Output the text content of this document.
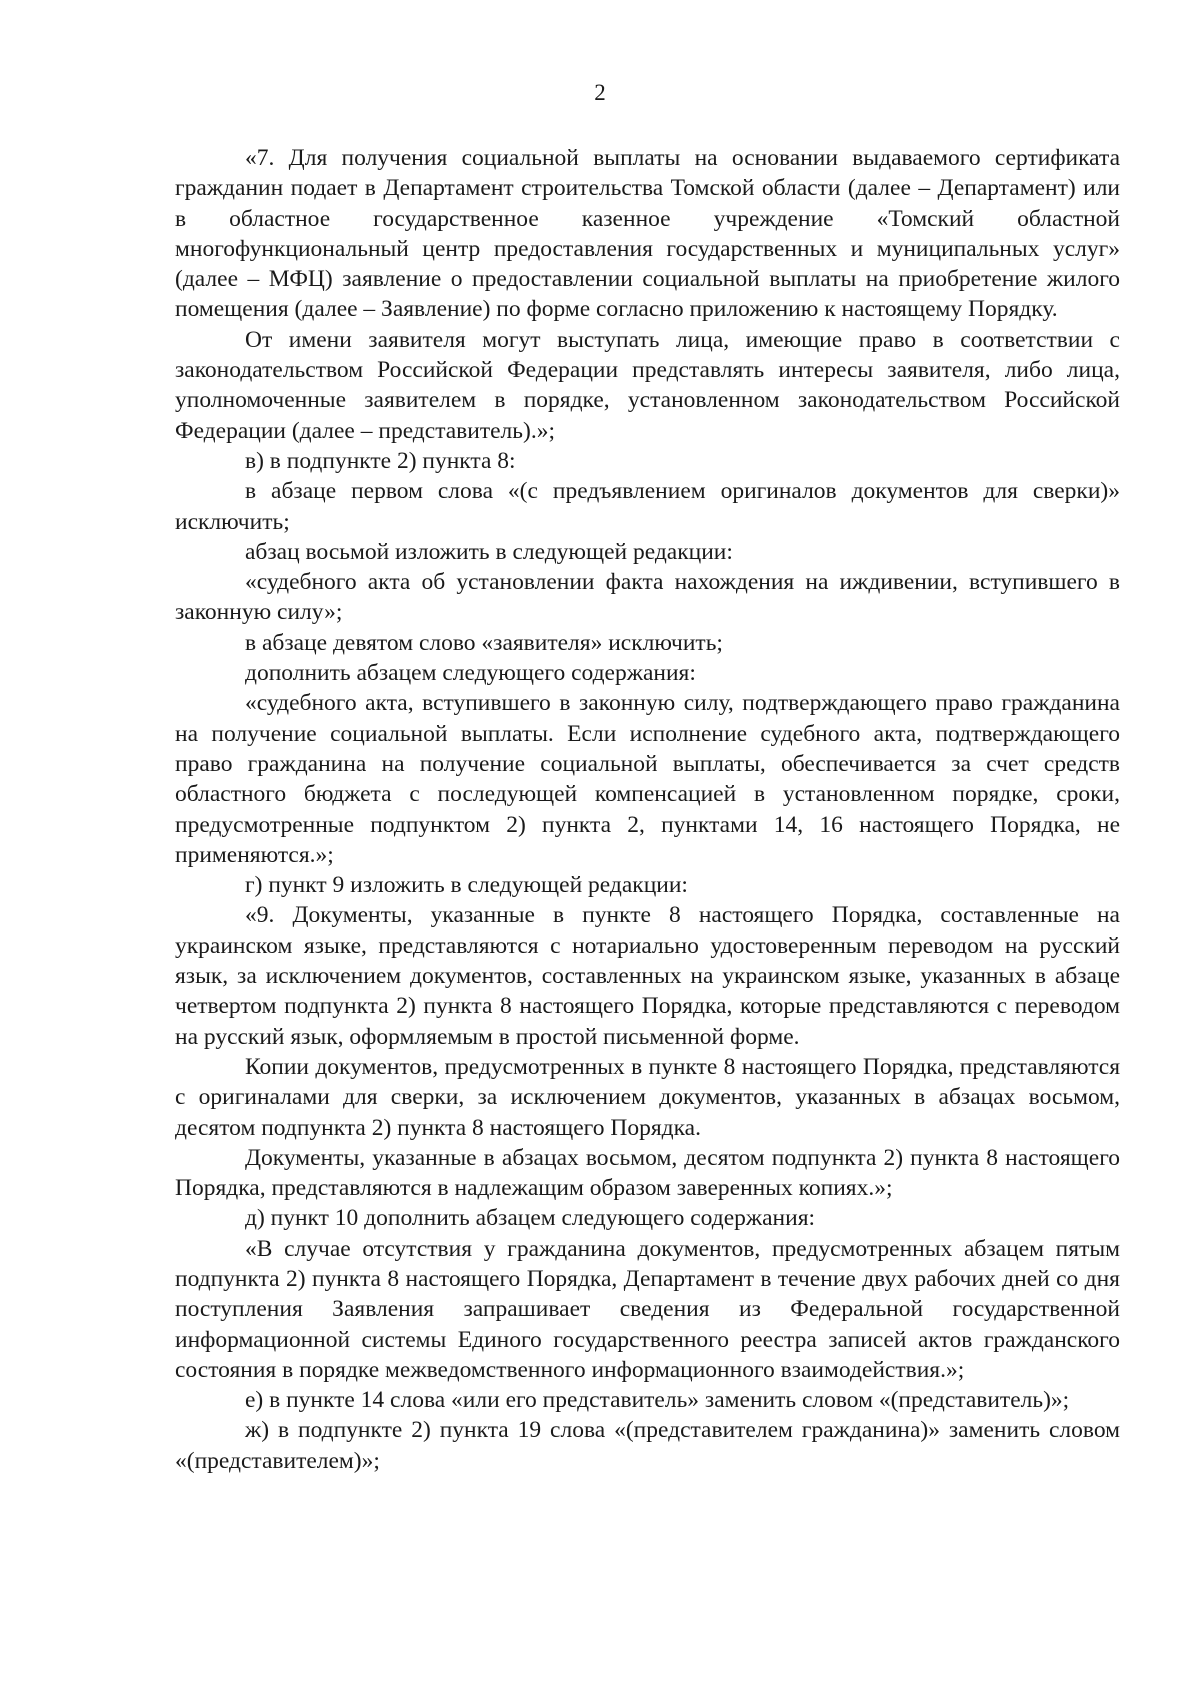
2

«7. Для получения социальной выплаты на основании выдаваемого сертификата гражданин подает в Департамент строительства Томской области (далее – Департамент) или в областное государственное казенное учреждение «Томский областной многофункциональный центр предоставления государственных и муниципальных услуг» (далее – МФЦ) заявление о предоставлении социальной выплаты на приобретение жилого помещения (далее – Заявление) по форме согласно приложению к настоящему Порядку.

От имени заявителя могут выступать лица, имеющие право в соответствии с законодательством Российской Федерации представлять интересы заявителя, либо лица, уполномоченные заявителем в порядке, установленном законодательством Российской Федерации (далее – представитель).»;

в) в подпункте 2) пункта 8:

в абзаце первом слова «(с предъявлением оригиналов документов для сверки)» исключить;

абзац восьмой изложить в следующей редакции:

«судебного акта об установлении факта нахождения на иждивении, вступившего в законную силу»;

в абзаце девятом слово «заявителя» исключить;

дополнить абзацем следующего содержания:

«судебного акта, вступившего в законную силу, подтверждающего право гражданина на получение социальной выплаты. Если исполнение судебного акта, подтверждающего право гражданина на получение социальной выплаты, обеспечивается за счет средств областного бюджета с последующей компенсацией в установленном порядке, сроки, предусмотренные подпунктом 2) пункта 2, пунктами 14, 16 настоящего Порядка, не применяются.»;

г) пункт 9 изложить в следующей редакции:

«9. Документы, указанные в пункте 8 настоящего Порядка, составленные на украинском языке, представляются с нотариально удостоверенным переводом на русский язык, за исключением документов, составленных на украинском языке, указанных в абзаце четвертом подпункта 2) пункта 8 настоящего Порядка, которые представляются с переводом на русский язык, оформляемым в простой письменной форме.

Копии документов, предусмотренных в пункте 8 настоящего Порядка, представляются с оригиналами для сверки, за исключением документов, указанных в абзацах восьмом, десятом подпункта 2) пункта 8 настоящего Порядка.

Документы, указанные в абзацах восьмом, десятом подпункта 2) пункта 8 настоящего Порядка, представляются в надлежащим образом заверенных копиях.»;

д) пункт 10 дополнить абзацем следующего содержания:

«В случае отсутствия у гражданина документов, предусмотренных абзацем пятым подпункта 2) пункта 8 настоящего Порядка, Департамент в течение двух рабочих дней со дня поступления Заявления запрашивает сведения из Федеральной государственной информационной системы Единого государственного реестра записей актов гражданского состояния в порядке межведомственного информационного взаимодействия.»;

е) в пункте 14 слова «или его представитель» заменить словом «(представитель)»;

ж) в подпункте 2) пункта 19 слова «(представителем гражданина)» заменить словом «(представителем)»;
